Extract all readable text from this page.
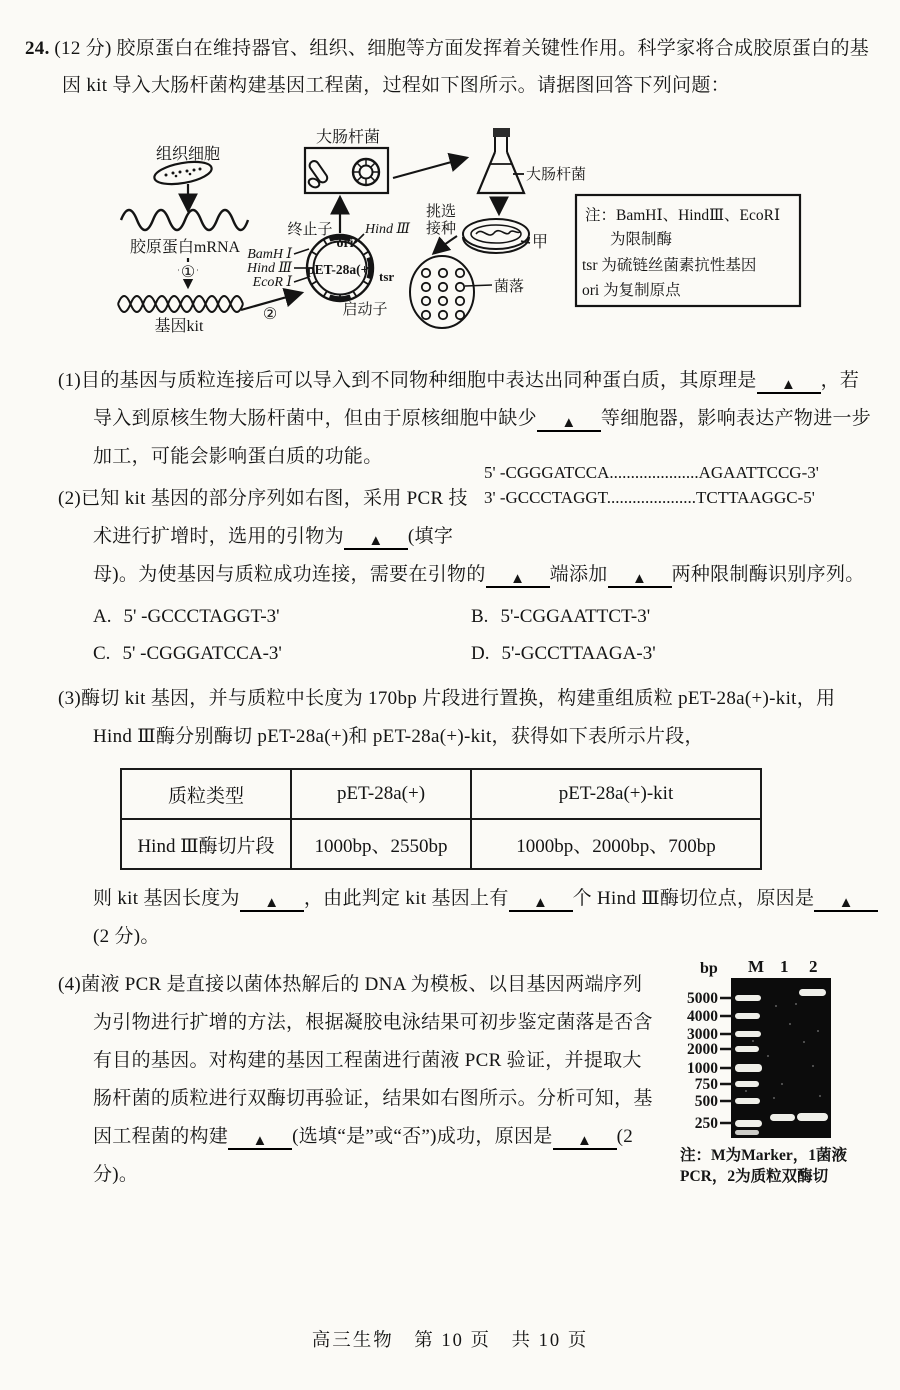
24. (12 分) 胶原蛋白在维持器官、组织、细胞等方面发挥着关键性作用。科学家将合成胶原蛋白的基因 kit 导入大肠杆菌构建基因工程菌，过程如下图所示。请据图回答下列问题：

组织细胞
胶原蛋白mRNA
①
基因kit
②
ori
pET-28a(+)
终止子 Hind Ⅲ
BamH Ⅰ
Hind Ⅲ
EcoR Ⅰ	tsr
启动子
大肠杆菌
大肠杆菌
甲
挑选
接种
菌落
注：BamHⅠ、HindⅢ、EcoRⅠ
为限制酶
tsr 为硫链丝菌素抗性基因
ori 为复制原点

(1)目的基因与质粒连接后可以导入到不同物种细胞中表达出同种蛋白质，其原理是 ▲ ，若导入到原核生物大肠杆菌中，但由于原核细胞中缺少 ▲ 等细胞器，影响表达产物进一步加工，可能会影响蛋白质的功能。

5' -CGGGATCCA.....................AGAATTCCG-3'
3' -GCCCTAGGT.....................TCTTAAGGC-5'
(2)已知 kit 基因的部分序列如右图，采用 PCR 技术进行扩增时，选用的引物为 ▲ (填字母)。为使基因与质粒成功连接，需要在引物的 ▲ 端添加 ▲ 两种限制酶识别序列。

A. 5' -GCCCTAGGT-3'	B. 5'-CGGAATTCT-3'
C. 5' -CGGGATCCA-3'	D. 5'-GCCTTAAGA-3'

(3)酶切 kit 基因，并与质粒中长度为 170bp 片段进行置换，构建重组质粒 pET-28a(+)-kit，用 Hind Ⅲ酶分别酶切 pET-28a(+)和 pET-28a(+)-kit，获得如下表所示片段，

质粒类型	pET-28a(+)	pET-28a(+)-kit
Hind Ⅲ酶切片段	1000bp、2550bp	1000bp、2000bp、700bp

则 kit 基因长度为 ▲ ，由此判定 kit 基因上有 ▲ 个 Hind Ⅲ酶切位点，原因是 ▲(2 分)。

(4)菌液 PCR 是直接以菌体热解后的 DNA 为模板、以目基因两端序列为引物进行扩增的方法，根据凝胶电泳结果可初步鉴定菌落是否含有目的基因。对构建的基因工程菌进行菌液 PCR 验证，并提取大肠杆菌的质粒进行双酶切再验证，结果如右图所示。分析可知，基因工程菌的构建 ▲ (选填“是”或“否”)成功，原因是 ▲ (2 分)。

bp M 1 2
5000
4000
3000
2000
1000
750
500
250
注：M为Marker，1菌液
PCR，2为质粒双酶切
高三生物　第 10 页　共 10 页
